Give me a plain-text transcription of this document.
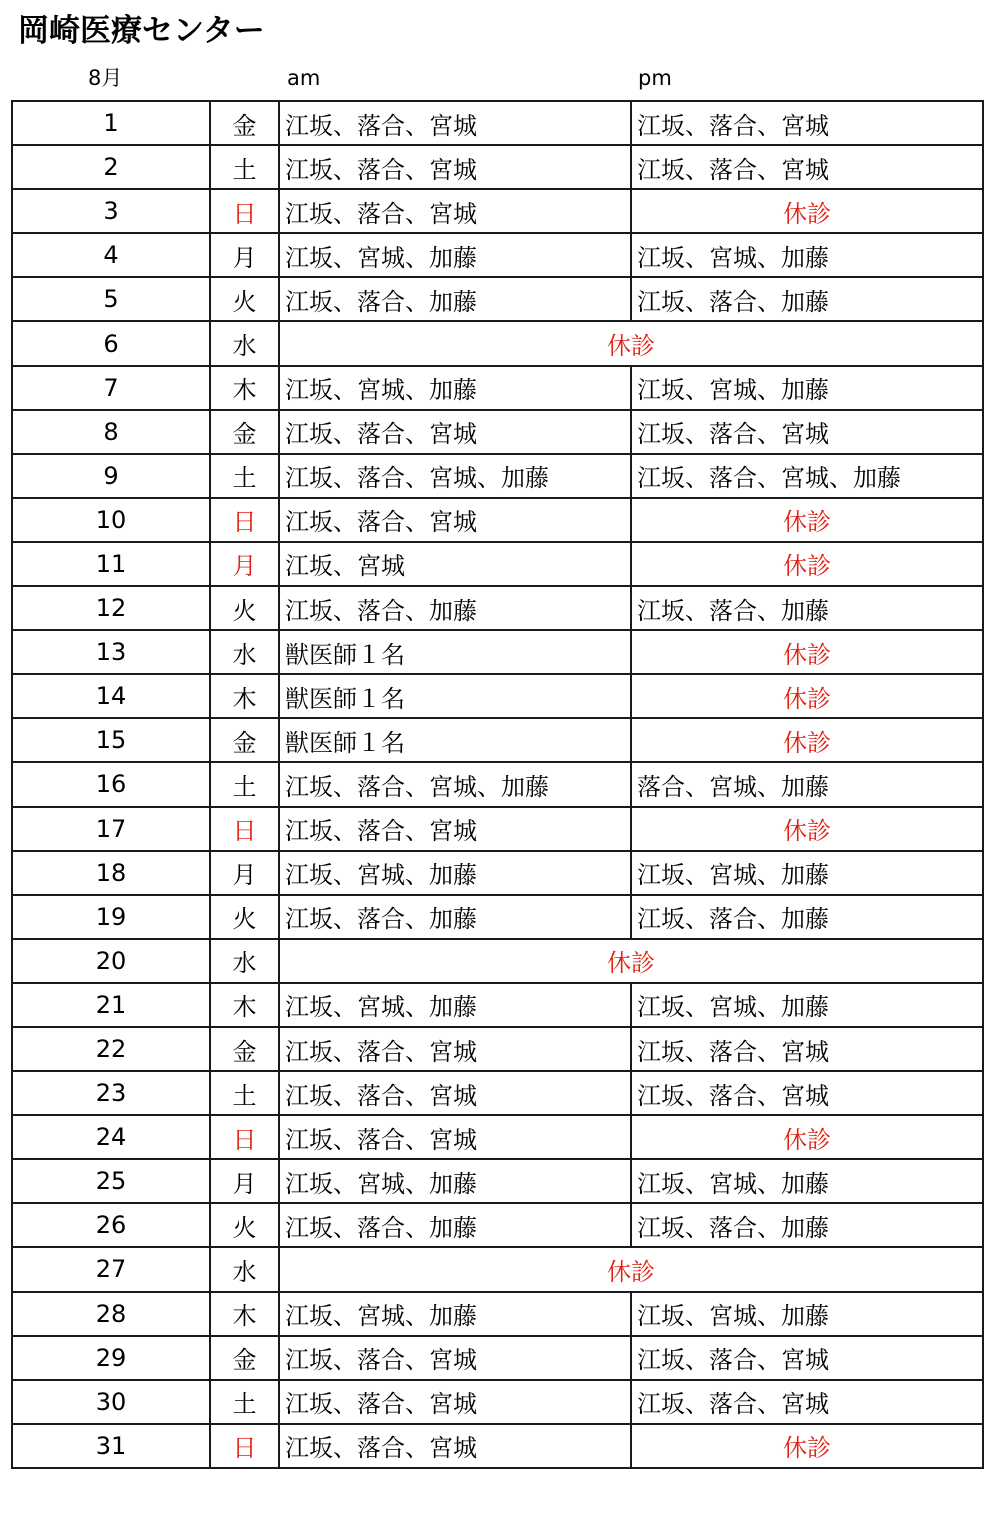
岡崎医療センター
8月	am	pm
1	金	江坂、落合、宮城	江坂、落合、宮城
2	土	江坂、落合、宮城	江坂、落合、宮城
3	日	江坂、落合、宮城	休診
4	月	江坂、宮城、加藤	江坂、宮城、加藤
5	火	江坂、落合、加藤	江坂、落合、加藤
6	水	休診	
7	木	江坂、宮城、加藤	江坂、宮城、加藤
8	金	江坂、落合、宮城	江坂、落合、宮城
9	土	江坂、落合、宮城、加藤	江坂、落合、宮城、加藤
10	日	江坂、落合、宮城	休診
11	月	江坂、宮城	休診
12	火	江坂、落合、加藤	江坂、落合、加藤
13	水	獣医師１名	休診
14	木	獣医師１名	休診
15	金	獣医師１名	休診
16	土	江坂、落合、宮城、加藤	落合、宮城、加藤
17	日	江坂、落合、宮城	休診
18	月	江坂、宮城、加藤	江坂、宮城、加藤
19	火	江坂、落合、加藤	江坂、落合、加藤
20	水	休診	
21	木	江坂、宮城、加藤	江坂、宮城、加藤
22	金	江坂、落合、宮城	江坂、落合、宮城
23	土	江坂、落合、宮城	江坂、落合、宮城
24	日	江坂、落合、宮城	休診
25	月	江坂、宮城、加藤	江坂、宮城、加藤
26	火	江坂、落合、加藤	江坂、落合、加藤
27	水	休診	
28	木	江坂、宮城、加藤	江坂、宮城、加藤
29	金	江坂、落合、宮城	江坂、落合、宮城
30	土	江坂、落合、宮城	江坂、落合、宮城
31	日	江坂、落合、宮城	休診
